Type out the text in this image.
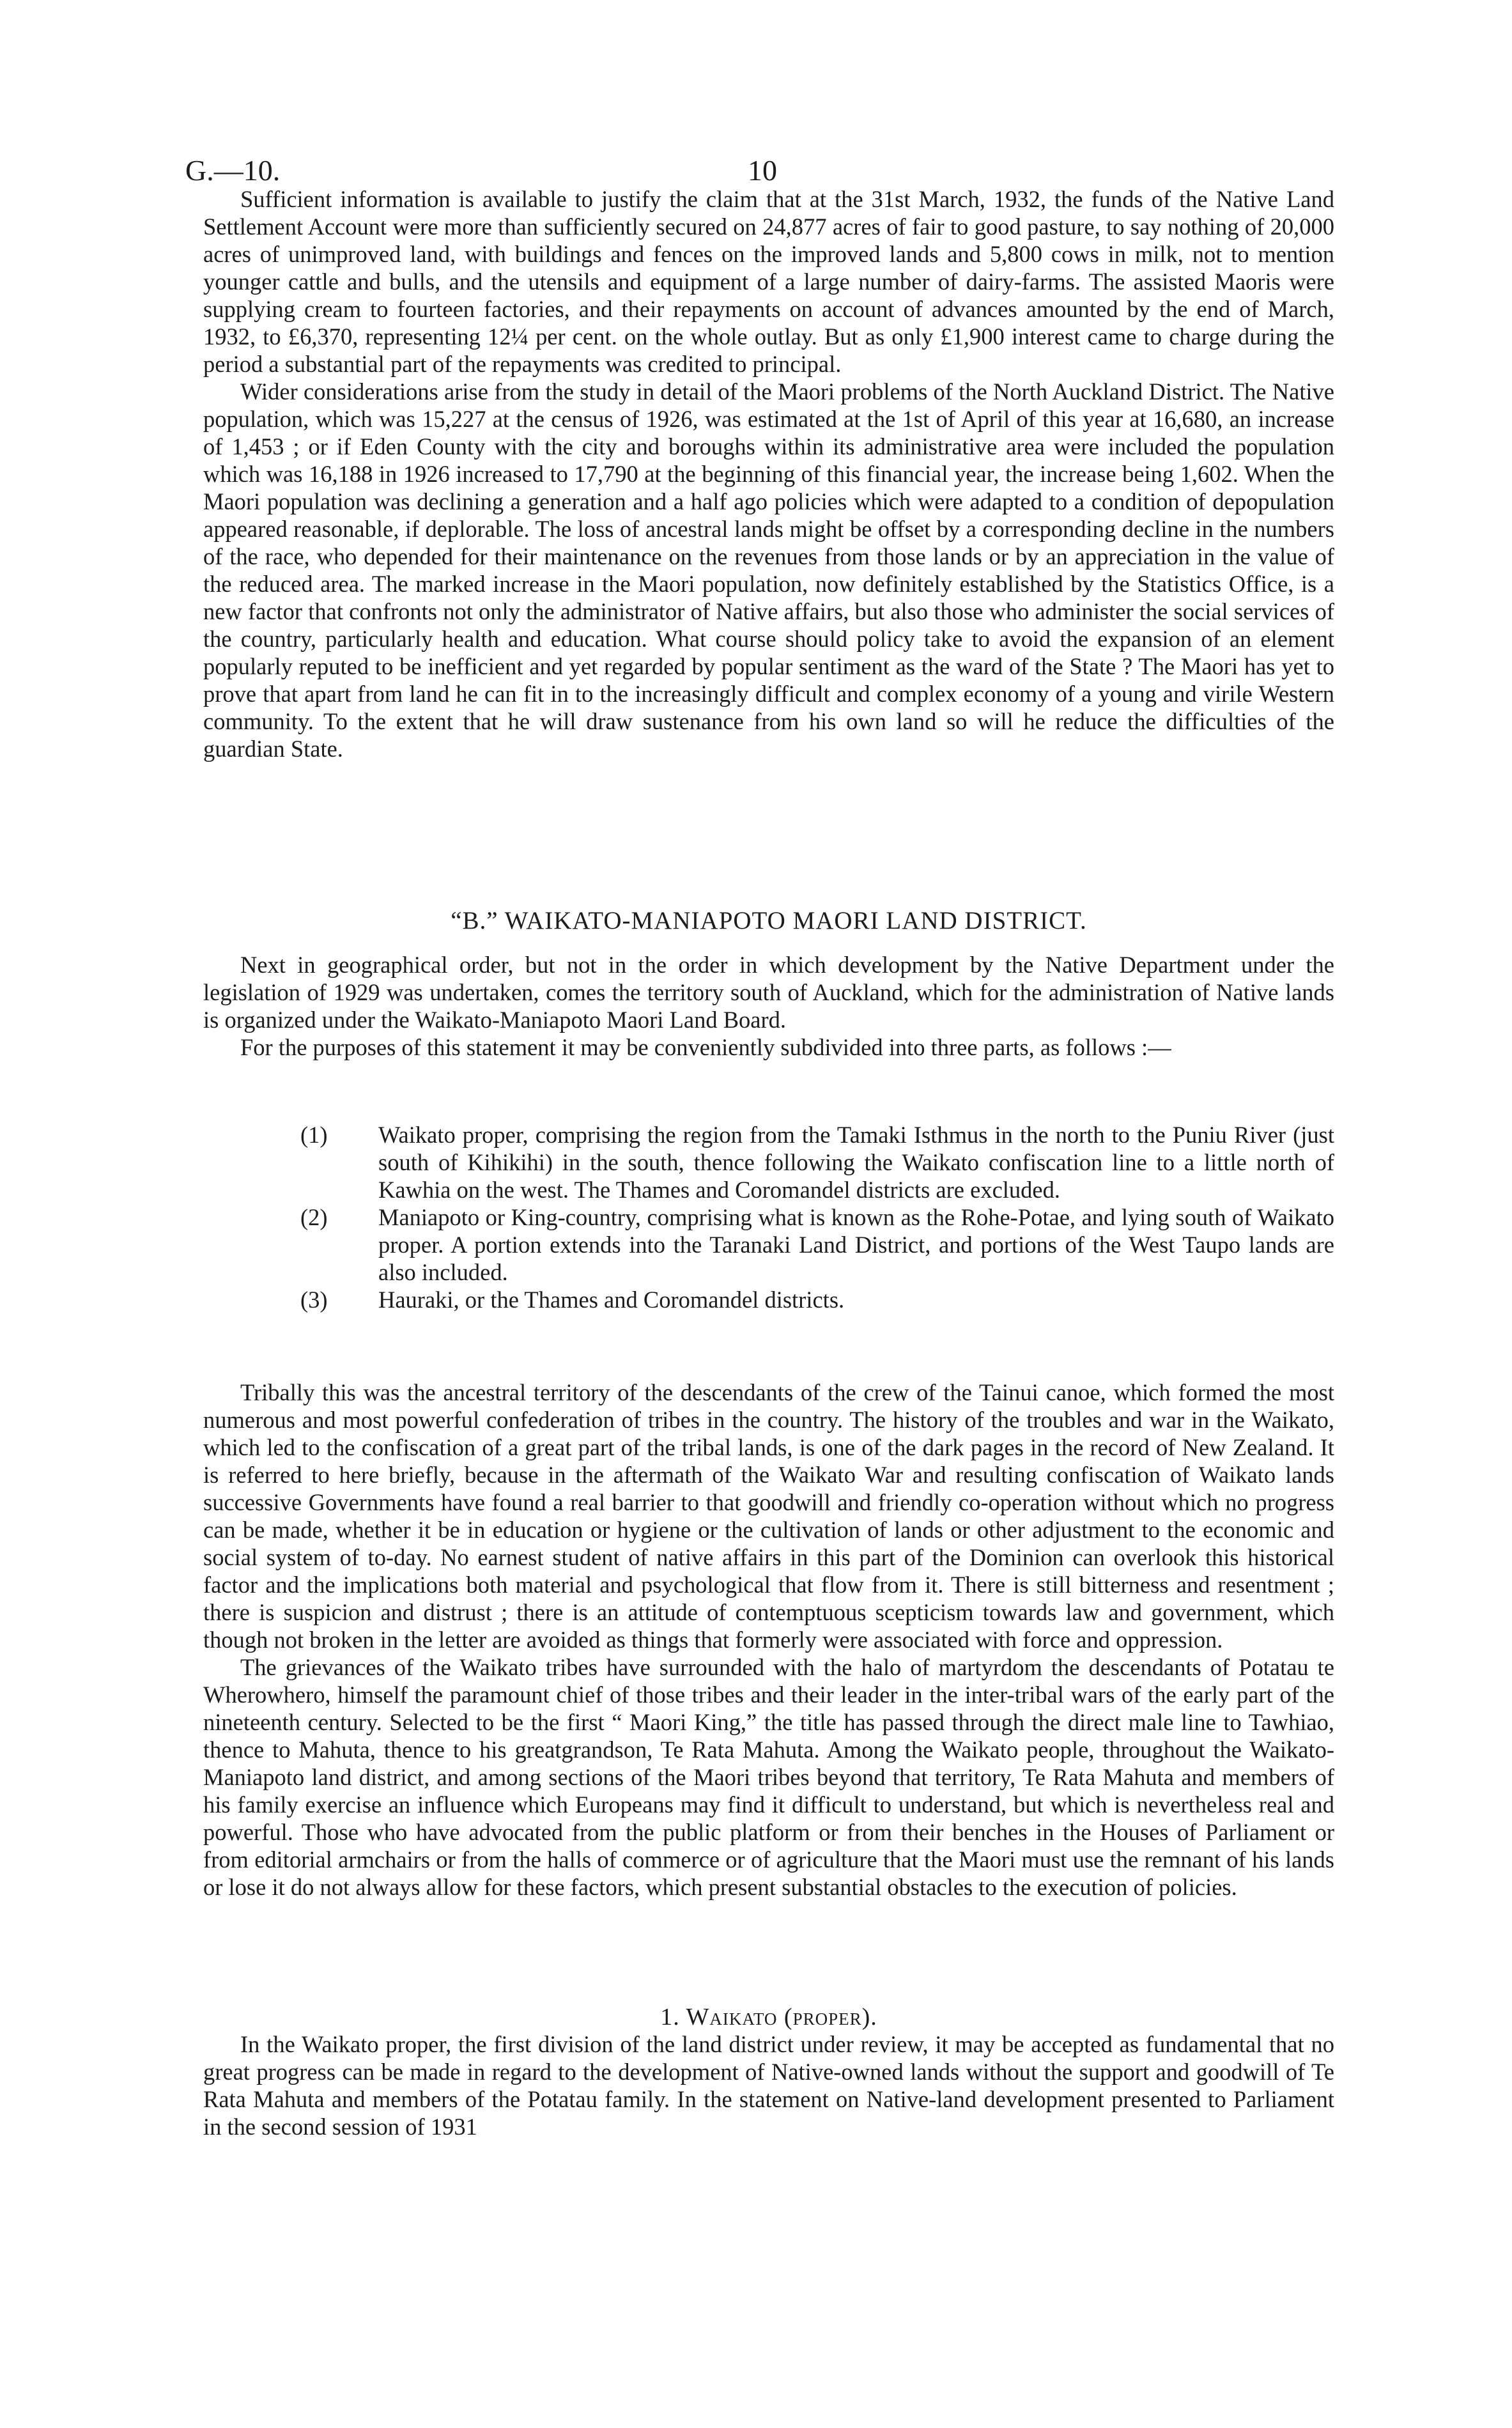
G.—10.	10

Sufficient information is available to justify the claim that at the 31st March, 1932, the funds of the Native Land Settlement Account were more than sufficiently secured on 24,877 acres of fair to good pasture, to say nothing of 20,000 acres of unimproved land, with buildings and fences on the improved lands and 5,800 cows in milk, not to mention younger cattle and bulls, and the utensils and equipment of a large number of dairy-farms. The assisted Maoris were supplying cream to fourteen factories, and their repayments on account of advances amounted by the end of March, 1932, to £6,370, representing 12¼ per cent. on the whole outlay. But as only £1,900 interest came to charge during the period a substantial part of the repayments was credited to principal.

Wider considerations arise from the study in detail of the Maori problems of the North Auckland District. The Native population, which was 15,227 at the census of 1926, was estimated at the 1st of April of this year at 16,680, an increase of 1,453 ; or if Eden County with the city and boroughs within its administrative area were included the population which was 16,188 in 1926 increased to 17,790 at the beginning of this financial year, the increase being 1,602. When the Maori population was declining a generation and a half ago policies which were adapted to a condition of depopulation appeared reasonable, if deplorable. The loss of ancestral lands might be offset by a corresponding decline in the numbers of the race, who depended for their maintenance on the revenues from those lands or by an appreciation in the value of the reduced area. The marked increase in the Maori population, now definitely established by the Statistics Office, is a new factor that confronts not only the administrator of Native affairs, but also those who administer the social services of the country, particularly health and education. What course should policy take to avoid the expansion of an element popularly reputed to be inefficient and yet regarded by popular sentiment as the ward of the State ? The Maori has yet to prove that apart from land he can fit in to the increasingly difficult and complex economy of a young and virile Western community. To the extent that he will draw sustenance from his own land so will he reduce the difficulties of the guardian State.

“B.” WAIKATO-MANIAPOTO MAORI LAND DISTRICT.

Next in geographical order, but not in the order in which development by the Native Department under the legislation of 1929 was undertaken, comes the territory south of Auckland, which for the administration of Native lands is organized under the Waikato-Maniapoto Maori Land Board.

For the purposes of this statement it may be conveniently subdivided into three parts, as follows :—

(1) Waikato proper, comprising the region from the Tamaki Isthmus in the north to the Puniu River (just south of Kihikihi) in the south, thence following the Waikato confiscation line to a little north of Kawhia on the west. The Thames and Coromandel districts are excluded.
(2) Maniapoto or King-country, comprising what is known as the Rohe-Potae, and lying south of Waikato proper. A portion extends into the Taranaki Land District, and portions of the West Taupo lands are also included.
(3) Hauraki, or the Thames and Coromandel districts.

Tribally this was the ancestral territory of the descendants of the crew of the Tainui canoe, which formed the most numerous and most powerful confederation of tribes in the country. The history of the troubles and war in the Waikato, which led to the confiscation of a great part of the tribal lands, is one of the dark pages in the record of New Zealand. It is referred to here briefly, because in the aftermath of the Waikato War and resulting confiscation of Waikato lands successive Governments have found a real barrier to that goodwill and friendly co-operation without which no progress can be made, whether it be in education or hygiene or the cultivation of lands or other adjustment to the economic and social system of to-day. No earnest student of native affairs in this part of the Dominion can overlook this historical factor and the implications both material and psychological that flow from it. There is still bitterness and resentment ; there is suspicion and distrust ; there is an attitude of contemptuous scepticism towards law and government, which though not broken in the letter are avoided as things that formerly were associated with force and oppression.

The grievances of the Waikato tribes have surrounded with the halo of martyrdom the descendants of Potatau te Wherowhero, himself the paramount chief of those tribes and their leader in the inter-tribal wars of the early part of the nineteenth century. Selected to be the first “ Maori King,” the title has passed through the direct male line to Tawhiao, thence to Mahuta, thence to his greatgrandson, Te Rata Mahuta. Among the Waikato people, throughout the Waikato-Maniapoto land district, and among sections of the Maori tribes beyond that territory, Te Rata Mahuta and members of his family exercise an influence which Europeans may find it difficult to understand, but which is nevertheless real and powerful. Those who have advocated from the public platform or from their benches in the Houses of Parliament or from editorial armchairs or from the halls of commerce or of agriculture that the Maori must use the remnant of his lands or lose it do not always allow for these factors, which present substantial obstacles to the execution of policies.

1. Waikato (proper).

In the Waikato proper, the first division of the land district under review, it may be accepted as fundamental that no great progress can be made in regard to the development of Native-owned lands without the support and goodwill of Te Rata Mahuta and members of the Potatau family. In the statement on Native-land development presented to Parliament in the second session of 1931
